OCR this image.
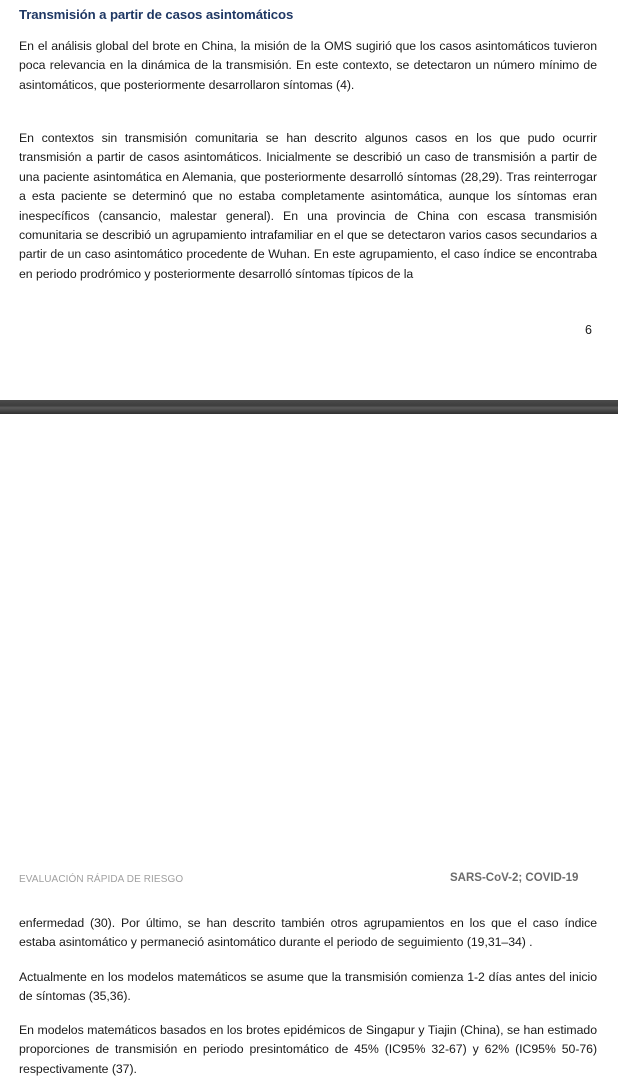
Transmisión a partir de casos asintomáticos

En el análisis global del brote en China, la misión de la OMS sugirió que los casos asintomáticos tuvieron poca relevancia en la dinámica de la transmisión. En este contexto, se detectaron un número mínimo de asintomáticos, que posteriormente desarrollaron síntomas (4).

En contextos sin transmisión comunitaria se han descrito algunos casos en los que pudo ocurrir transmisión a partir de casos asintomáticos. Inicialmente se describió un caso de transmisión a partir de una paciente asintomática en Alemania, que posteriormente desarrolló síntomas (28,29). Tras reinterrogar a esta paciente se determinó que no estaba completamente asintomática, aunque los síntomas eran inespecíficos (cansancio, malestar general). En una provincia de China con escasa transmisión comunitaria se describió un agrupamiento intrafamiliar en el que se detectaron varios casos secundarios a partir de un caso asintomático procedente de Wuhan. En este agrupamiento, el caso índice se encontraba en periodo prodrómico y posteriormente desarrolló síntomas típicos de la

6
EVALUACIÓN RÁPIDA DE RIESGO	SARS-CoV-2; COVID-19

enfermedad (30). Por último, se han descrito también otros agrupamientos en los que el caso índice estaba asintomático y permaneció asintomático durante el periodo de seguimiento (19,31–34) .

Actualmente en los modelos matemáticos se asume que la transmisión comienza 1-2 días antes del inicio de síntomas (35,36).

En modelos matemáticos basados en los brotes epidémicos de Singapur y Tiajin (China), se han estimado proporciones de transmisión en periodo presintomático de 45% (IC95% 32-67) y 62% (IC95% 50-76) respectivamente (37).
